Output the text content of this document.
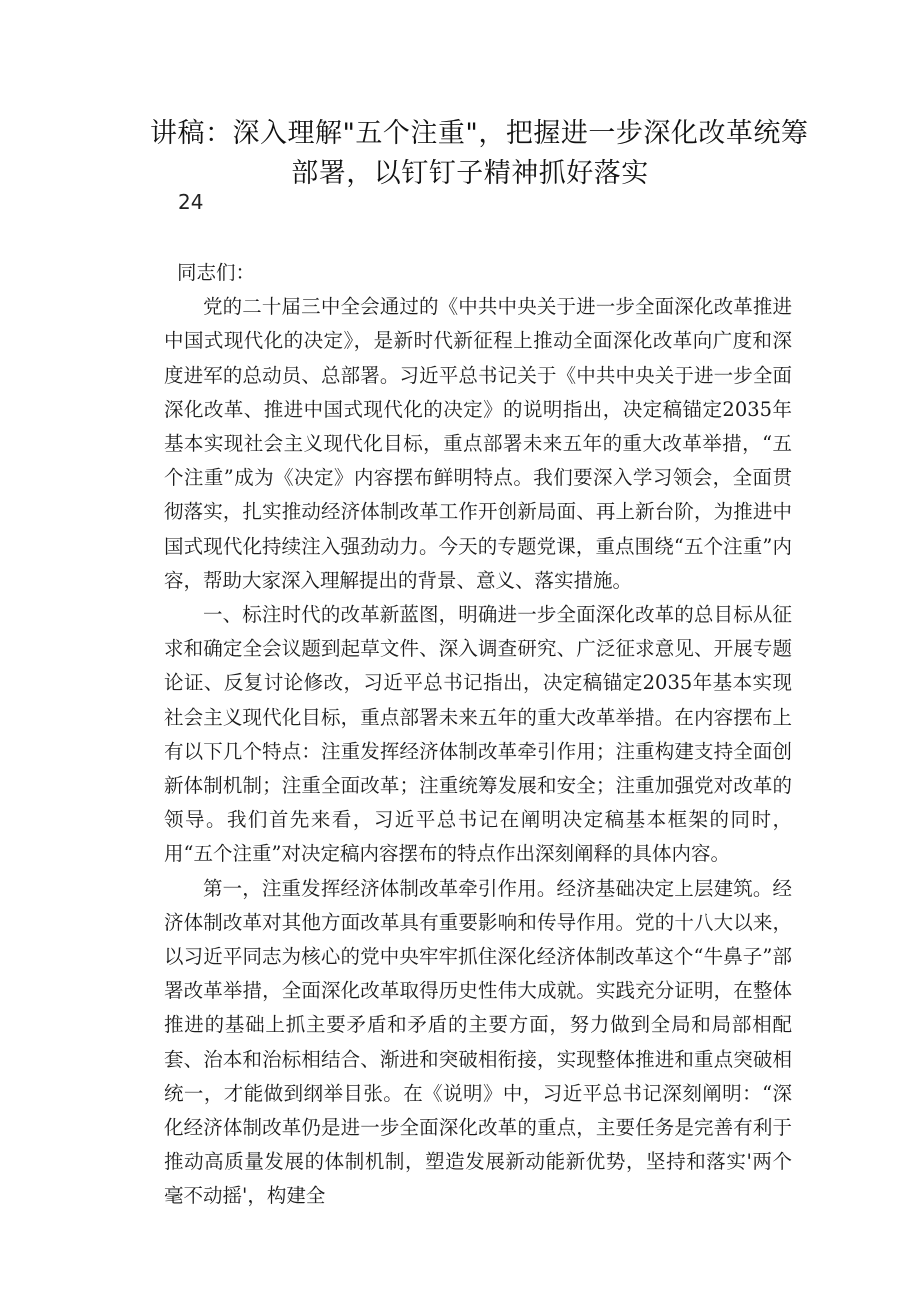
讲稿：深入理解"五个注重"，把握进一步深化改革统筹
部署，以钉钉子精神抓好落实
24

同志们：

党的二十届三中全会通过的《中共中央关于进一步全面深化改革推进中国式现代化的决定》，是新时代新征程上推动全面深化改革向广度和深度进军的总动员、总部署。习近平总书记关于《中共中央关于进一步全面深化改革、推进中国式现代化的决定》的说明指出，决定稿锚定2035年基本实现社会主义现代化目标，重点部署未来五年的重大改革举措，“五个注重”成为《决定》内容摆布鲜明特点。我们要深入学习领会，全面贯彻落实，扎实推动经济体制改革工作开创新局面、再上新台阶，为推进中国式现代化持续注入强劲动力。今天的专题党课，重点围绕“五个注重”内容，帮助大家深入理解提出的背景、意义、落实措施。

一、标注时代的改革新蓝图，明确进一步全面深化改革的总目标从征求和确定全会议题到起草文件、深入调查研究、广泛征求意见、开展专题论证、反复讨论修改，习近平总书记指出，决定稿锚定2035年基本实现社会主义现代化目标，重点部署未来五年的重大改革举措。在内容摆布上有以下几个特点：注重发挥经济体制改革牵引作用；注重构建支持全面创新体制机制；注重全面改革；注重统筹发展和安全；注重加强党对改革的领导。我们首先来看，习近平总书记在阐明决定稿基本框架的同时，用“五个注重”对决定稿内容摆布的特点作出深刻阐释的具体内容。

第一，注重发挥经济体制改革牵引作用。经济基础决定上层建筑。经济体制改革对其他方面改革具有重要影响和传导作用。党的十八大以来，以习近平同志为核心的党中央牢牢抓住深化经济体制改革这个“牛鼻子”部署改革举措，全面深化改革取得历史性伟大成就。实践充分证明，在整体推进的基础上抓主要矛盾和矛盾的主要方面，努力做到全局和局部相配套、治本和治标相结合、渐进和突破相衔接，实现整体推进和重点突破相统一，才能做到纲举目张。在《说明》中，习近平总书记深刻阐明：“深化经济体制改革仍是进一步全面深化改革的重点，主要任务是完善有利于推动高质量发展的体制机制，塑造发展新动能新优势，坚持和落实'两个毫不动摇'，构建全
